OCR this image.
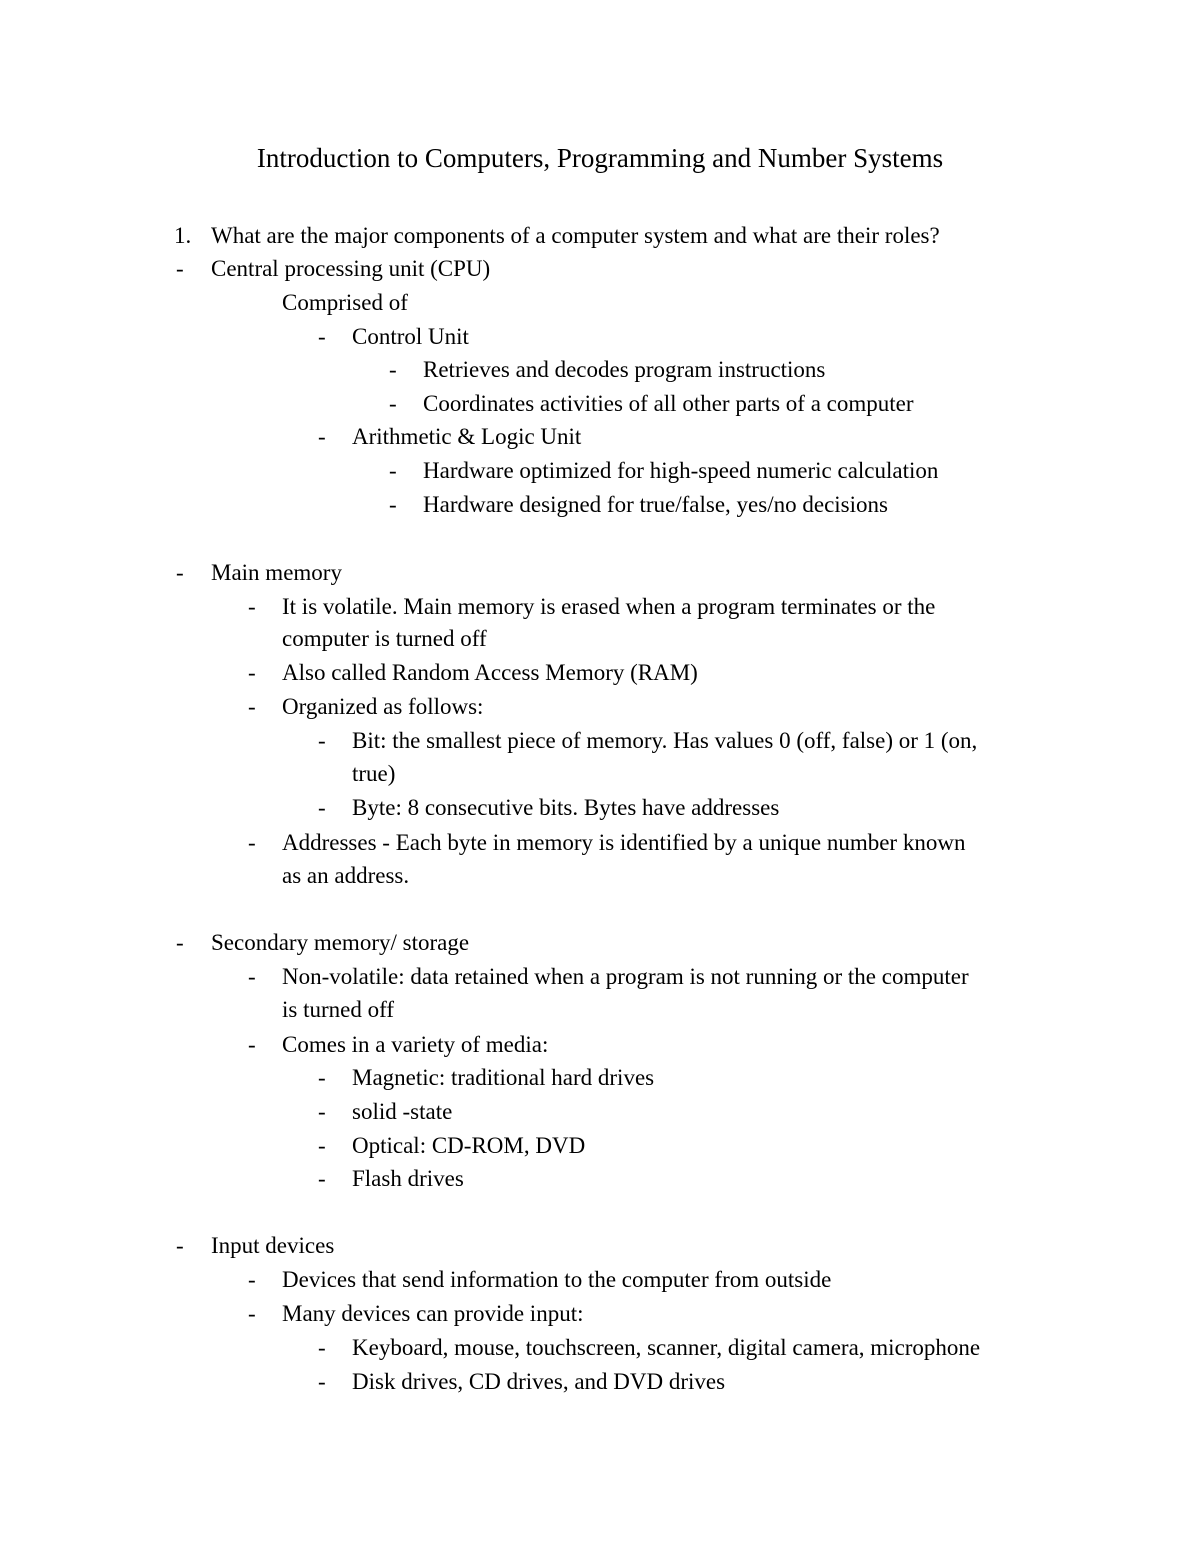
Introduction to Computers, Programming and Number Systems
1. What are the major components of a computer system and what are their roles?
- Central processing unit (CPU)
Comprised of
- Control Unit
- Retrieves and decodes program instructions
- Coordinates activities of all other parts of a computer
- Arithmetic & Logic Unit
- Hardware optimized for high-speed numeric calculation
- Hardware designed for true/false, yes/no decisions
- Main memory
- It is volatile. Main memory is erased when a program terminates or the
computer is turned off
- Also called Random Access Memory (RAM)
- Organized as follows:
- Bit: the smallest piece of memory. Has values 0 (off, false) or 1 (on,
true)
- Byte: 8 consecutive bits. Bytes have addresses
- Addresses - Each byte in memory is identified by a unique number known
as an address.
- Secondary memory/ storage
- Non-volatile: data retained when a program is not running or the computer
is turned off
- Comes in a variety of media:
- Magnetic: traditional hard drives
- solid -state
- Optical: CD-ROM, DVD
- Flash drives
- Input devices
- Devices that send information to the computer from outside
- Many devices can provide input:
- Keyboard, mouse, touchscreen, scanner, digital camera, microphone
- Disk drives, CD drives, and DVD drives
